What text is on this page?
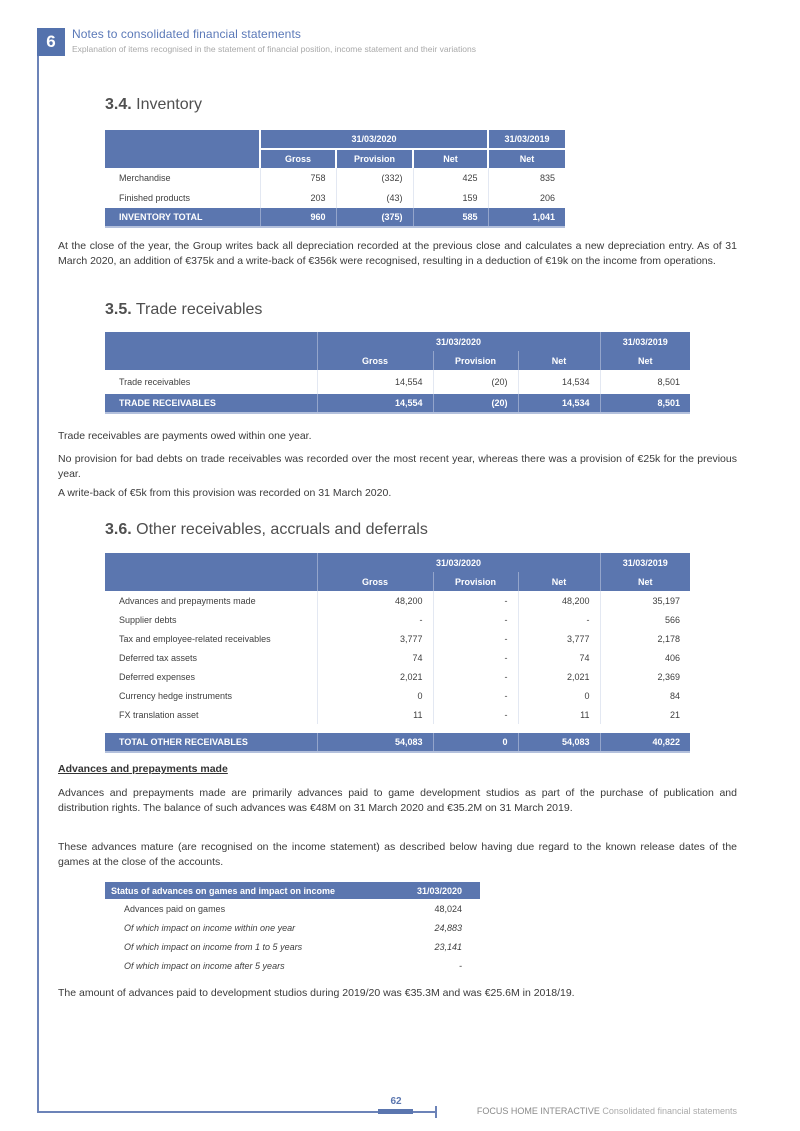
6	Notes to consolidated financial statements
Explanation of items recognised in the statement of financial position, income statement and their variations
3.4. Inventory
	31/03/2020			31/03/2019
	Gross	Provision	Net	Net
Merchandise	758	(332)	425	835
Finished products	203	(43)	159	206
INVENTORY TOTAL	960	(375)	585	1,041
At the close of the year, the Group writes back all depreciation recorded at the previous close and calculates a new depreciation entry. As of 31 March 2020, an addition of €375k and a write-back of €356k were recognised, resulting in a deduction of €19k on the income from operations.
3.5. Trade receivables
	31/03/2020			31/03/2019
	Gross	Provision	Net	Net
Trade receivables	14,554	(20)	14,534	8,501
TRADE RECEIVABLES	14,554	(20)	14,534	8,501
Trade receivables are payments owed within one year.
No provision for bad debts on trade receivables was recorded over the most recent year, whereas there was a provision of €25k for the previous year.
A write-back of €5k from this provision was recorded on 31 March 2020.
3.6. Other receivables, accruals and deferrals
	31/03/2020			31/03/2019
	Gross	Provision	Net	Net
Advances and prepayments made	48,200	-	48,200	35,197
Supplier debts	-	-	-	566
Tax and employee-related receivables	3,777	-	3,777	2,178
Deferred tax assets	74	-	74	406
Deferred expenses	2,021	-	2,021	2,369
Currency hedge instruments	0	-	0	84
FX translation asset	11	-	11	21

TOTAL OTHER RECEIVABLES	54,083	0	54,083	40,822
Advances and prepayments made
Advances and prepayments made are primarily advances paid to game development studios as part of the purchase of publication and distribution rights. The balance of such advances was €48M on 31 March 2020 and €35.2M on 31 March 2019.
These advances mature (are recognised on the income statement) as described below having due regard to the known release dates of the games at the close of the accounts.
Status of advances on games and impact on income	31/03/2020
Advances paid on games	48,024
Of which impact on income within one year	24,883
Of which impact on income from 1 to 5 years	23,141
Of which impact on income after 5 years	-
The amount of advances paid to development studios during 2019/20 was €35.3M and was €25.6M in 2018/19.
62
FOCUS HOME INTERACTIVE Consolidated financial statements
